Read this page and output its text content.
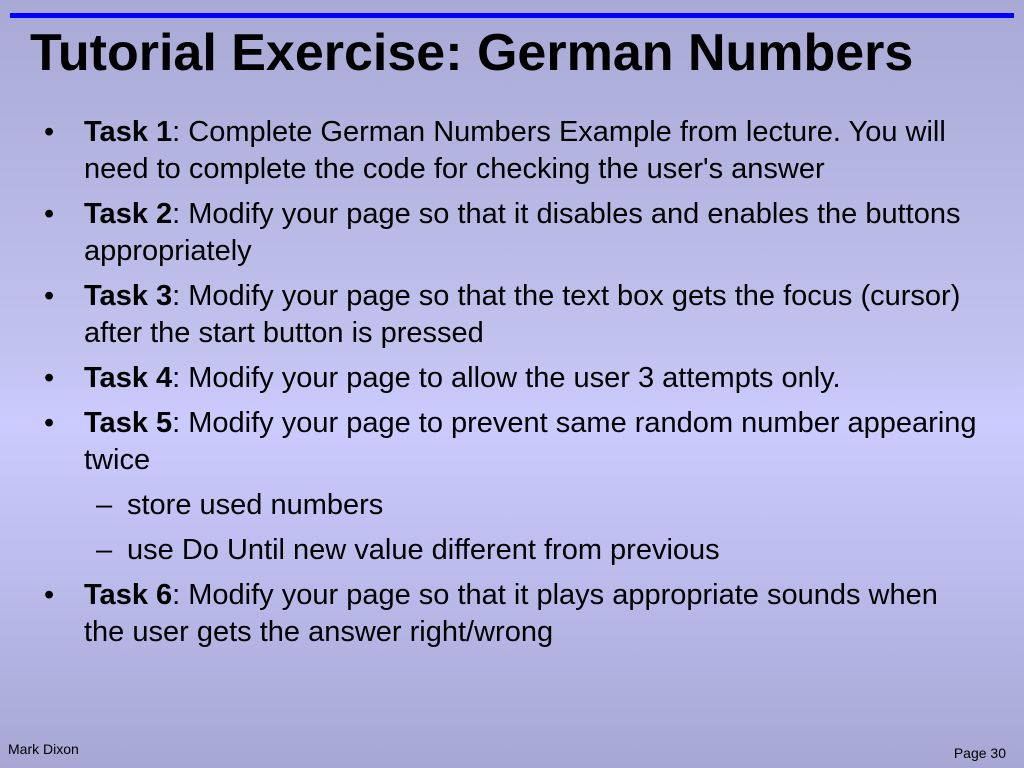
Tutorial Exercise: German Numbers
• Task 1: Complete German Numbers Example from lecture. You will need to complete the code for checking the user's answer
• Task 2: Modify your page so that it disables and enables the buttons appropriately
• Task 3: Modify your page so that the text box gets the focus (cursor) after the start button is pressed
• Task 4: Modify your page to allow the user 3 attempts only.
• Task 5: Modify your page to prevent same random number appearing twice
– store used numbers
– use Do Until new value different from previous
• Task 6: Modify your page so that it plays appropriate sounds when the user gets the answer right/wrong
Mark Dixon	Page 30
